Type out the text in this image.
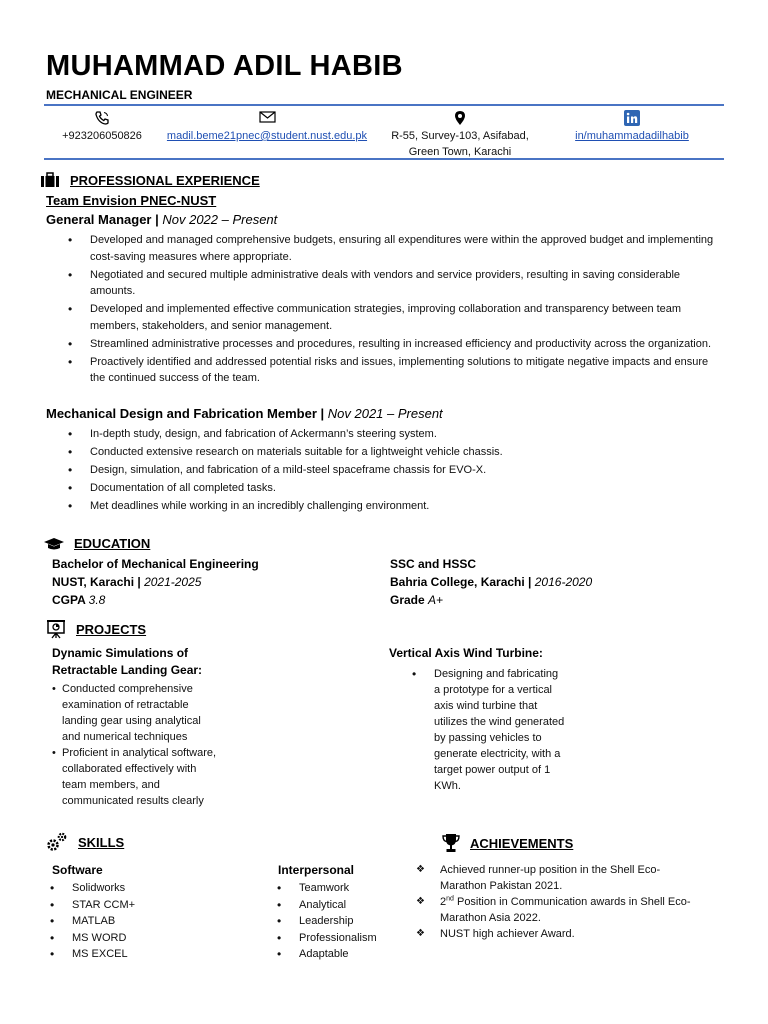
MUHAMMAD ADIL HABIB
MECHANICAL ENGINEER
+923206050826	madil.beme21pnec@student.nust.edu.pk	R-55, Survey-103, Asifabad,
Green Town, Karachi
in/muhammadadilhabib
PROFESSIONAL EXPERIENCE
Team Envision PNEC-NUST
General Manager | Nov 2022 – Present
• Developed and managed comprehensive budgets, ensuring all expenditures were within the approved budget and implementing cost-saving measures where appropriate.
• Negotiated and secured multiple administrative deals with vendors and service providers, resulting in saving considerable amounts.
• Developed and implemented effective communication strategies, improving collaboration and transparency between team members, stakeholders, and senior management.
• Streamlined administrative processes and procedures, resulting in increased efficiency and productivity across the organization.
• Proactively identified and addressed potential risks and issues, implementing solutions to mitigate negative impacts and ensure the continued success of the team.
Mechanical Design and Fabrication Member | Nov 2021 – Present
• In-depth study, design, and fabrication of Ackermann’s steering system.
• Conducted extensive research on materials suitable for a lightweight vehicle chassis.
• Design, simulation, and fabrication of a mild-steel spaceframe chassis for EVO-X.
• Documentation of all completed tasks.
• Met deadlines while working in an incredibly challenging environment.
EDUCATION
Bachelor of Mechanical Engineering
NUST, Karachi | 2021-2025
CGPA 3.8
SSC and HSSC
Bahria College, Karachi | 2016-2020
Grade A+
PROJECTS
Dynamic Simulations of
Retractable Landing Gear:
• Conducted comprehensive examination of retractable landing gear using analytical and numerical techniques
• Proficient in analytical software, collaborated effectively with team members, and communicated results clearly
Vertical Axis Wind Turbine:
• Designing and fabricating a prototype for a vertical axis wind turbine that utilizes the wind generated by passing vehicles to generate electricity, with a target power output of 1 KWh.
SKILLS
Software
• Solidworks
• STAR CCM+
• MATLAB
• MS WORD
• MS EXCEL
Interpersonal
• Teamwork
• Analytical
• Leadership
• Professionalism
• Adaptable
ACHIEVEMENTS
❖ Achieved runner-up position in the Shell Eco-Marathon Pakistan 2021.
❖ 2nd Position in Communication awards in Shell Eco-Marathon Asia 2022.
❖ NUST high achiever Award.
